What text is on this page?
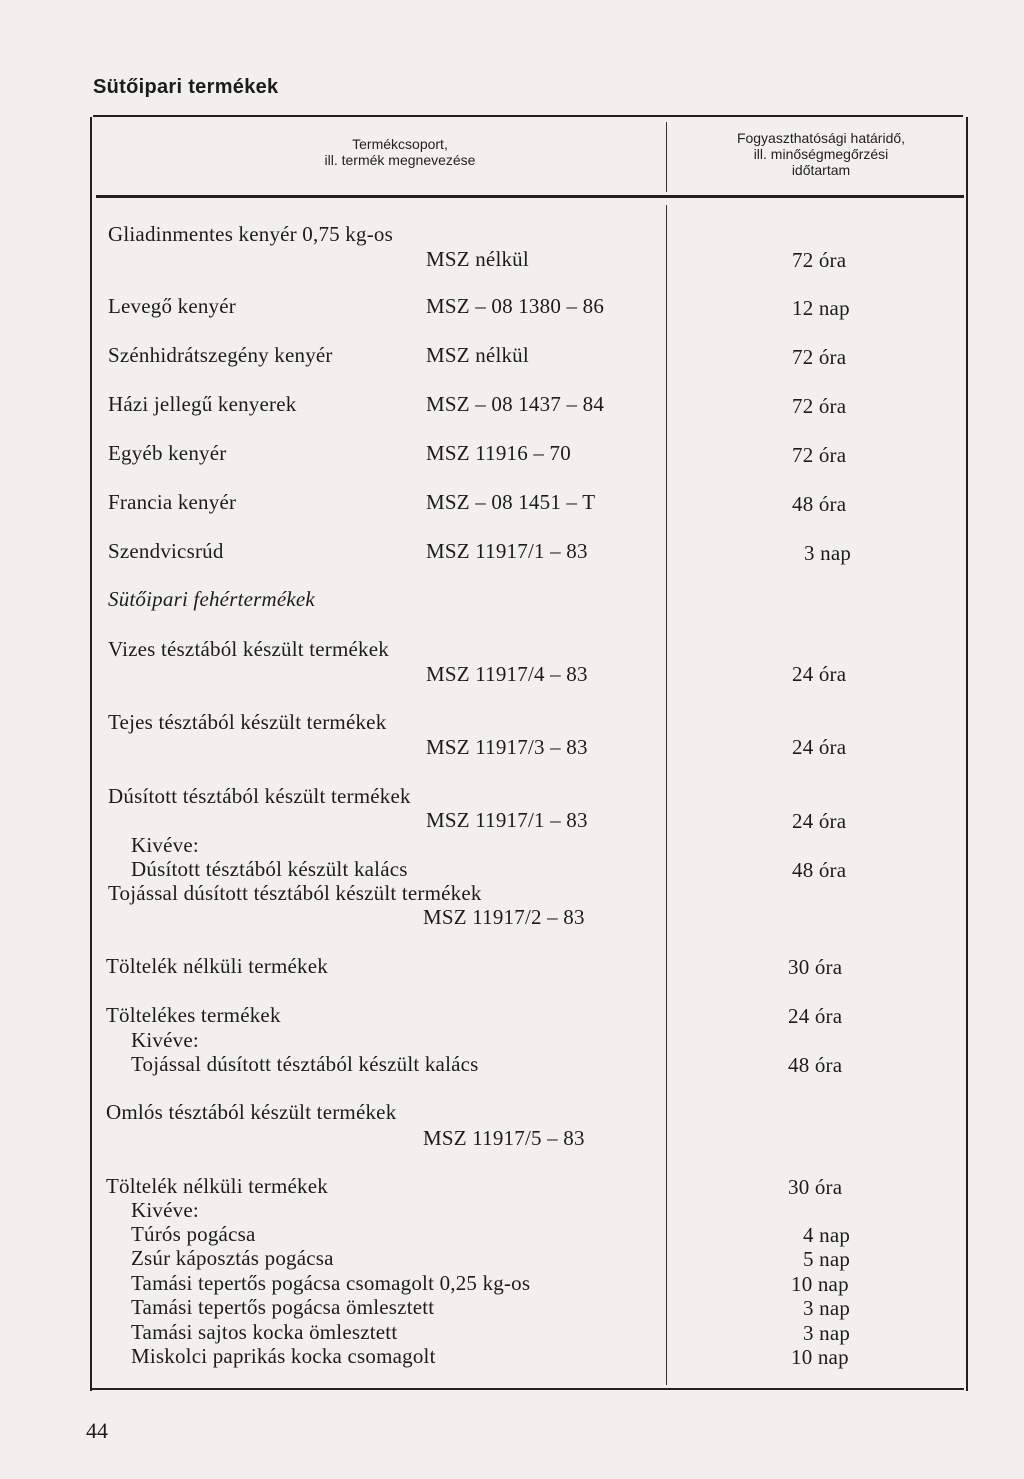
Sütőipari termékek
Termékcsoport,
ill. termék megnevezése
Fogyaszthatósági határidő,
ill. minőségmegőrzési
időtartam
Gliadinmentes kenyér 0,75 kg-os
MSZ nélkül	72 óra
Levegő kenyér	MSZ – 08 1380 – 86	12 nap
Szénhidrátszegény kenyér	MSZ nélkül	72 óra
Házi jellegű kenyerek	MSZ – 08 1437 – 84	72 óra
Egyéb kenyér	MSZ 11916 – 70	72 óra
Francia kenyér	MSZ – 08 1451 – T	48 óra
Szendvicsrúd	MSZ 11917/1 – 83	3 nap
Sütőipari fehértermékek
Vizes tésztából készült termékek
MSZ 11917/4 – 83	24 óra
Tejes tésztából készült termékek
MSZ 11917/3 – 83	24 óra
Dúsított tésztából készült termékek
MSZ 11917/1 – 83	24 óra
Kivéve:
Dúsított tésztából készült kalács	48 óra
Tojással dúsított tésztából készült termékek
MSZ 11917/2 – 83
Töltelék nélküli termékek	30 óra
Töltelékes termékek	24 óra
Kivéve:
Tojással dúsított tésztából készült kalács	48 óra
Omlós tésztából készült termékek
MSZ 11917/5 – 83
Töltelék nélküli termékek	30 óra
Kivéve:
Túrós pogácsa	4 nap
Zsúr káposztás pogácsa	5 nap
Tamási tepertős pogácsa csomagolt 0,25 kg-os	10 nap
Tamási tepertős pogácsa ömlesztett	3 nap
Tamási sajtos kocka ömlesztett	3 nap
Miskolci paprikás kocka csomagolt	10 nap
44
